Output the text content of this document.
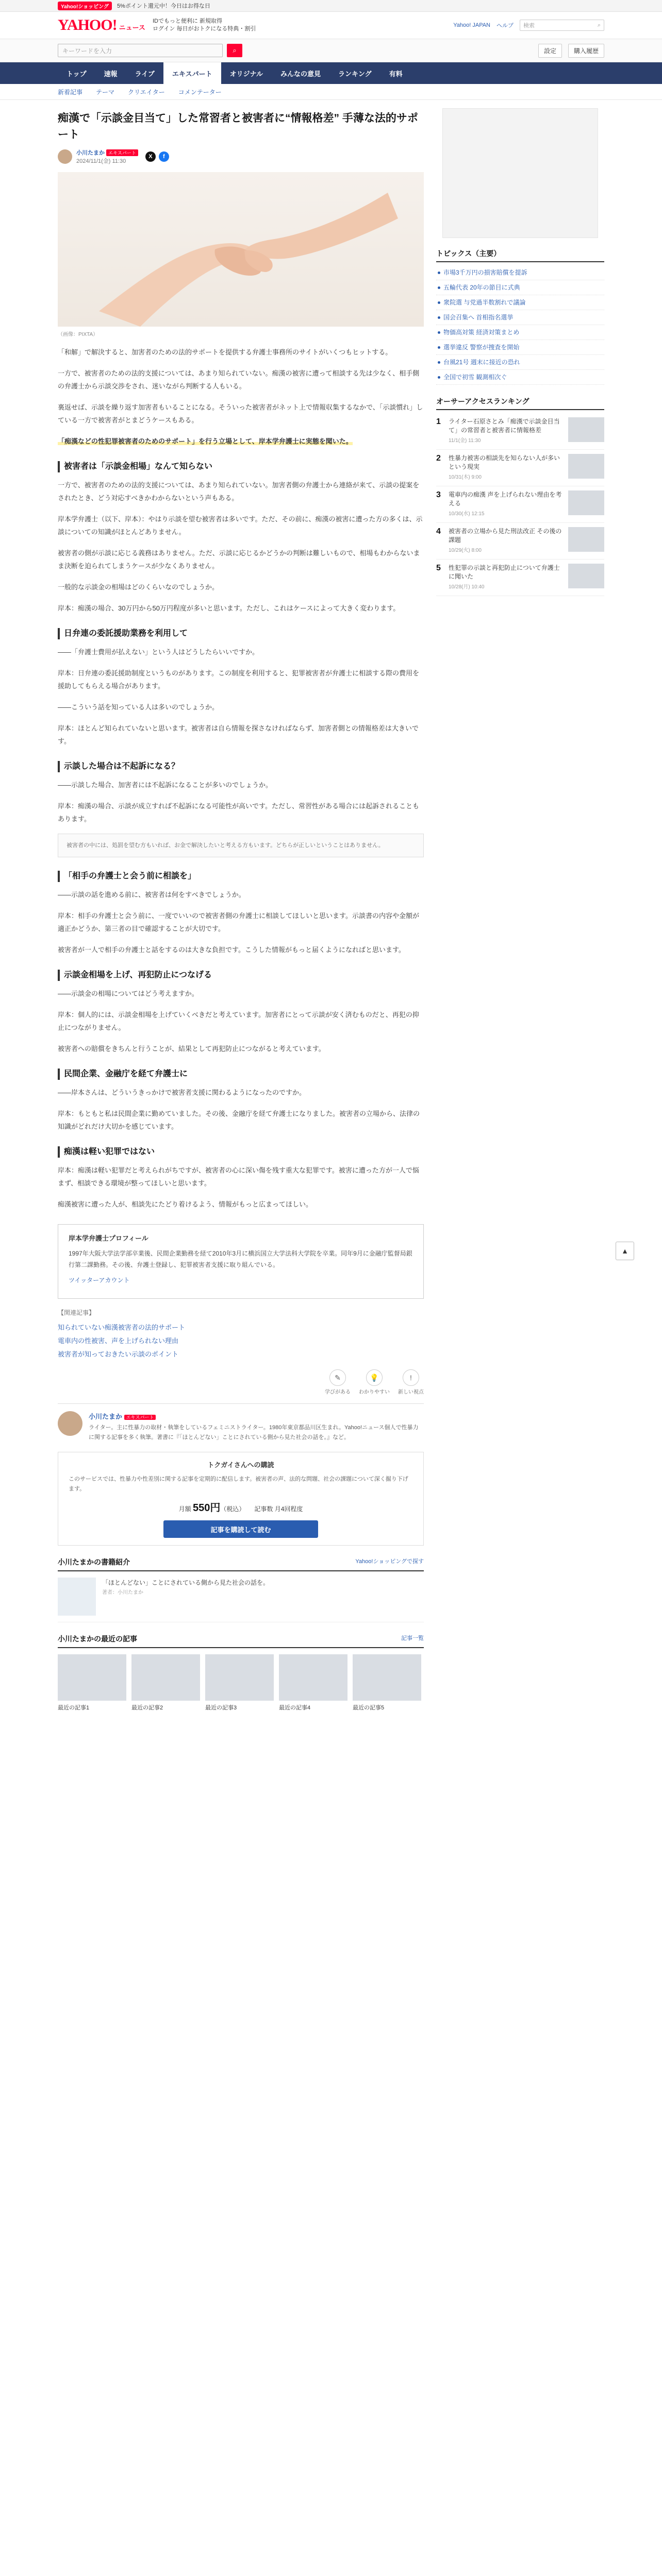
Yahoo!ショッピング	5%ポイント還元中！今日はお得な日
YAHOO! ニュース
IDでもっと便利に 新規取得
ログイン 毎日がおトクになる特典・割引
Yahoo! JAPAN ヘルプ 検索	⌕
キーワードを入力	⌕	設定	購入履歴
トップ	速報	ライブ	エキスパート	オリジナル	みんなの意見	ランキング	有料
新着記事 テーマ クリエイター コメンテーター
痴漢で「示談金目当て」した常習者と被害者に“情報格差” 手薄な法的サポート
小川たまか エキスパート
2024/11/1(金) 11:30
X	f
（画像：PIXTA）

「和解」で解決すると、加害者のための法的サポートを提供する弁護士事務所のサイトがいくつもヒットする。

一方で、被害者のための法的支援については、あまり知られていない。痴漢の被害に遭って相談する先は少なく、相手側の弁護士から示談交渉をされ、迷いながら判断する人もいる。

裏返せば、示談を繰り返す加害者もいることになる。そういった被害者がネット上で情報収集するなかで、「示談慣れ」している一方で被害者がとまどうケースもある。

「痴漢などの性犯罪被害者のためのサポート」を行う立場として、岸本学弁護士に実態を聞いた。

被害者は「示談金相場」なんて知らない

一方で、被害者のための法的支援については、あまり知られていない。加害者側の弁護士から連絡が来て、示談の提案をされたとき、どう対応すべきかわからないという声もある。

岸本学弁護士（以下、岸本）：やはり示談を望む被害者は多いです。ただ、その前に、痴漢の被害に遭った方の多くは、示談についての知識がほとんどありません。

被害者の側が示談に応じる義務はありません。ただ、示談に応じるかどうかの判断は難しいもので、相場もわからないまま決断を迫られてしまうケースが少なくありません。

一般的な示談金の相場はどのくらいなのでしょうか。

岸本：痴漢の場合、30万円から50万円程度が多いと思います。ただし、これはケースによって大きく変わります。

日弁連の委託援助業務を利用して

――「弁護士費用が払えない」という人はどうしたらいいですか。

岸本：日弁連の委託援助制度というものがあります。この制度を利用すると、犯罪被害者が弁護士に相談する際の費用を援助してもらえる場合があります。

――こういう話を知っている人は多いのでしょうか。

岸本：ほとんど知られていないと思います。被害者は自ら情報を探さなければならず、加害者側との情報格差は大きいです。

示談した場合は不起訴になる？

――示談した場合、加害者には不起訴になることが多いのでしょうか。

岸本：痴漢の場合、示談が成立すれば不起訴になる可能性が高いです。ただし、常習性がある場合には起訴されることもあります。

被害者の中には、処罰を望む方もいれば、お金で解決したいと考える方もいます。どちらが正しいということはありません。
「相手の弁護士と会う前に相談を」

――示談の話を進める前に、被害者は何をすべきでしょうか。

岸本：相手の弁護士と会う前に、一度でいいので被害者側の弁護士に相談してほしいと思います。示談書の内容や金額が適正かどうか、第三者の目で確認することが大切です。

被害者が一人で相手の弁護士と話をするのは大きな負担です。こうした情報がもっと届くようになればと思います。

示談金相場を上げ、再犯防止につなげる

――示談金の相場についてはどう考えますか。

岸本：個人的には、示談金相場を上げていくべきだと考えています。加害者にとって示談が安く済むものだと、再犯の抑止につながりません。

被害者への賠償をきちんと行うことが、結果として再犯防止につながると考えています。

民間企業、金融庁を経て弁護士に

――岸本さんは、どういうきっかけで被害者支援に関わるようになったのですか。

岸本：もともと私は民間企業に勤めていました。その後、金融庁を経て弁護士になりました。被害者の立場から、法律の知識がどれだけ大切かを感じています。

痴漢は軽い犯罪ではない

岸本：痴漢は軽い犯罪だと考えられがちですが、被害者の心に深い傷を残す重大な犯罪です。被害に遭った方が一人で悩まず、相談できる環境が整ってほしいと思います。

痴漢被害に遭った人が、相談先にたどり着けるよう、情報がもっと広まってほしい。

岸本学弁護士プロフィール

1997年大阪大学法学部卒業後、民間企業勤務を経て2010年3月に横浜国立大学法科大学院を卒業。同年9月に金融庁監督局銀行第二課勤務。その後、弁護士登録し、犯罪被害者支援に取り組んでいる。

ツイッターアカウント

【関連記事】
知られていない痴漢被害者の法的サポート
電車内の性被害、声を上げられない理由
被害者が知っておきたい示談のポイント
✎
学びがある
💡
わかりやすい
!
新しい視点
小川たまか エキスパート
ライター。主に性暴力の取材・執筆をしているフェミニストライター。1980年東京都品川区生まれ。Yahoo!ニュース個人で性暴力に関する記事を多く執筆。著書に『「ほとんどない」ことにされている側から見た社会の話を。』など。
トクガイさんへの購読
このサービスでは、性暴力や性差別に関する記事を定期的に配信します。被害者の声、法的な問題、社会の課題について深く掘り下げます。
月額 550円（税込） 記事数 月4回程度
記事を購読して読む
小川たまかの書籍紹介	Yahoo!ショッピングで探す
「ほとんどない」ことにされている側から見た社会の話を。
著者：小川たまか
小川たまかの最近の記事	記事一覧
最近の記事1	最近の記事2	最近の記事3	最近の記事4	最近の記事5
トピックス（主要）
市場3千万円の損害賠償を提訴
五輪代表 20年の節目に式典
衆院選 与党過半数割れで議論
国会召集へ 首相指名選挙
物価高対策 経済対策まとめ
選挙違反 警察が捜査を開始
台風21号 週末に接近の恐れ
全国で初雪 観測相次ぐ
オーサーアクセスランキング
1	ライター石原さとみ「痴漢で示談金目当て」の常習者と被害者に情報格差
11/1(金) 11:30
2	性暴力被害の相談先を知らない人が多いという現実
10/31(木) 9:00
3	電車内の痴漢 声を上げられない理由を考える
10/30(水) 12:15
4	被害者の立場から見た刑法改正 その後の課題
10/29(火) 8:00
5	性犯罪の示談と再犯防止について弁護士に聞いた
10/28(月) 10:40
▲
